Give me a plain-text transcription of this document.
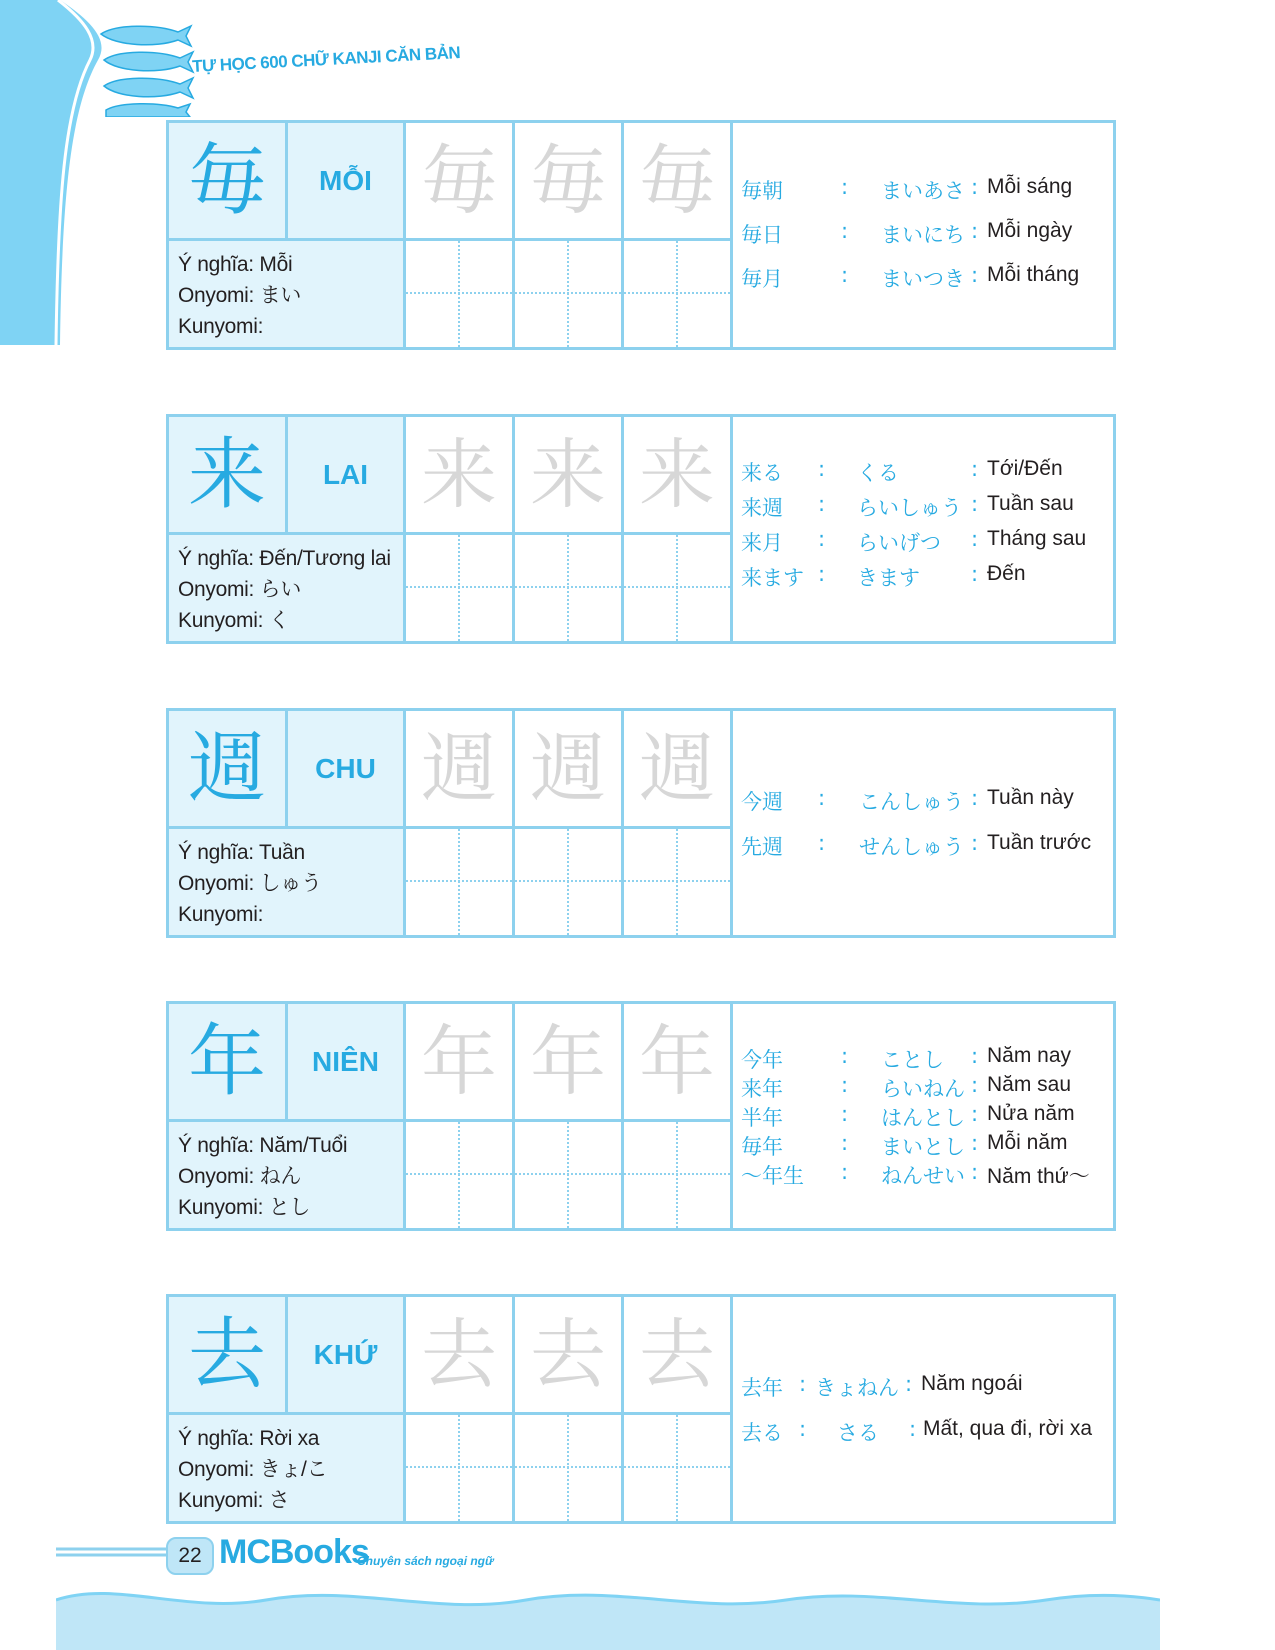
TỰ HỌC 600 CHỮ KANJI CĂN BẢN
毎	MỖI
Ý nghĩa: Mỗi
Onyomi: まい
Kunyomi:
毎 毎 毎	毎朝	: まいあさ : Mỗi sáng
毎日	: まいにち : Mỗi ngày
毎月	: まいつき : Mỗi tháng
来	LAI
Ý nghĩa: Đến/Tương lai
Onyomi: らい
Kunyomi: く
来 来 来	来る : くる	: Tới/Đến
来週 : らいしゅう : Tuần sau
来月 : らいげつ : Tháng sau
来ます : きます : Đến
週	CHU
Ý nghĩa: Tuần
Onyomi: しゅう
Kunyomi:
週 週 週	今週 : こんしゅう : Tuần này
先週 : せんしゅう : Tuần trước
年	NIÊN
Ý nghĩa: Năm/Tuổi
Onyomi: ねん
Kunyomi: とし
年 年 年	今年	: ことし : Năm nay
来年	: らいねん : Năm sau
半年	: はんとし : Nửa năm
毎年	: まいとし : Mỗi năm
～年生 : ねんせい : Năm thứ～
去	KHỨ
Ý nghĩa: Rời xa
Onyomi: きょ/こ
Kunyomi: さ
去 去 去	去年 : きょねん : Năm ngoái
去る : さる : Mất, qua đi, rời xa
22 MCBooks
Chuyên sách ngoại ngữ
